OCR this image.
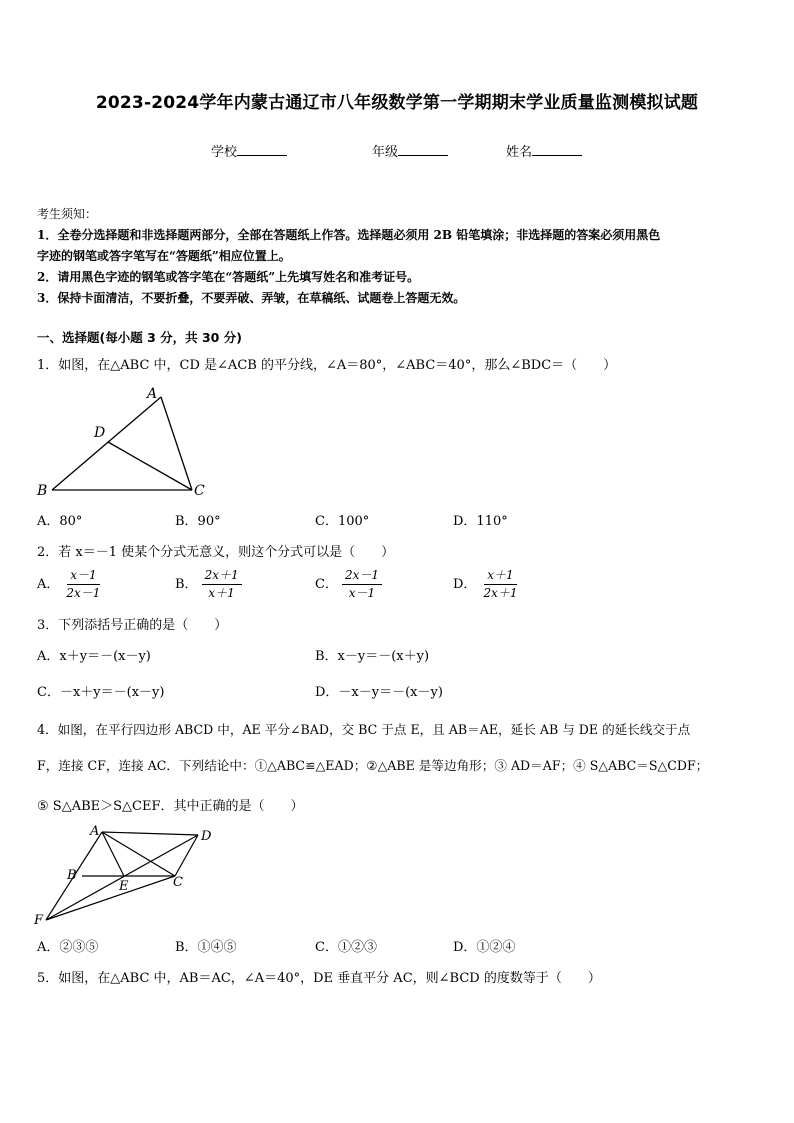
2023-2024学年内蒙古通辽市八年级数学第一学期期末学业质量监测模拟试题
学校	年级	姓名
考生须知：
1．全卷分选择题和非选择题两部分，全部在答题纸上作答。选择题必须用 2B 铅笔填涂；非选择题的答案必须用黑色
字迹的钢笔或答字笔写在“答题纸”相应位置上。
2．请用黑色字迹的钢笔或答字笔在“答题纸”上先填写姓名和准考证号。
3．保持卡面清洁，不要折叠，不要弄破、弄皱，在草稿纸、试题卷上答题无效。
一、选择题(每小题 3 分，共 30 分)
1．如图，在△ABC 中，CD 是∠ACB 的平分线，∠A＝80°，∠ABC＝40°，那么∠BDC＝（　　）
A
D
B	C
A．80°	B．90°	C．100°	D．110°
2．若 x＝－1 使某个分式无意义，则这个分式可以是（　　）
A． $\frac{x-1}{2x-1}$	B． $\frac{2x+1}{x+1}$	C． $\frac{2x-1}{x-1}$	D． $\frac{x+1}{2x+1}$
3．下列添括号正确的是（　　）
A．x＋y＝－(x－y)	B．x－y＝－(x＋y)
C．－x＋y＝－(x－y)	D．－x－y＝－(x－y)
4．如图，在平行四边形 ABCD 中，AE 平分∠BAD，交 BC 于点 E，且 AB＝AE，延长 AB 与 DE 的延长线交于点
F，连接 CF，连接 AC．下列结论中：①△ABC≌△EAD；②△ABE 是等边角形；③ AD＝AF；④ S△ABC＝S△CDF；
⑤ S△ABE＞S△CEF．其中正确的是（　　）
A	D
B
E	C
F
A．②③⑤	B．①④⑤	C．①②③	D．①②④
5．如图，在△ABC 中，AB＝AC，∠A＝40°，DE 垂直平分 AC，则∠BCD 的度数等于（　　）
